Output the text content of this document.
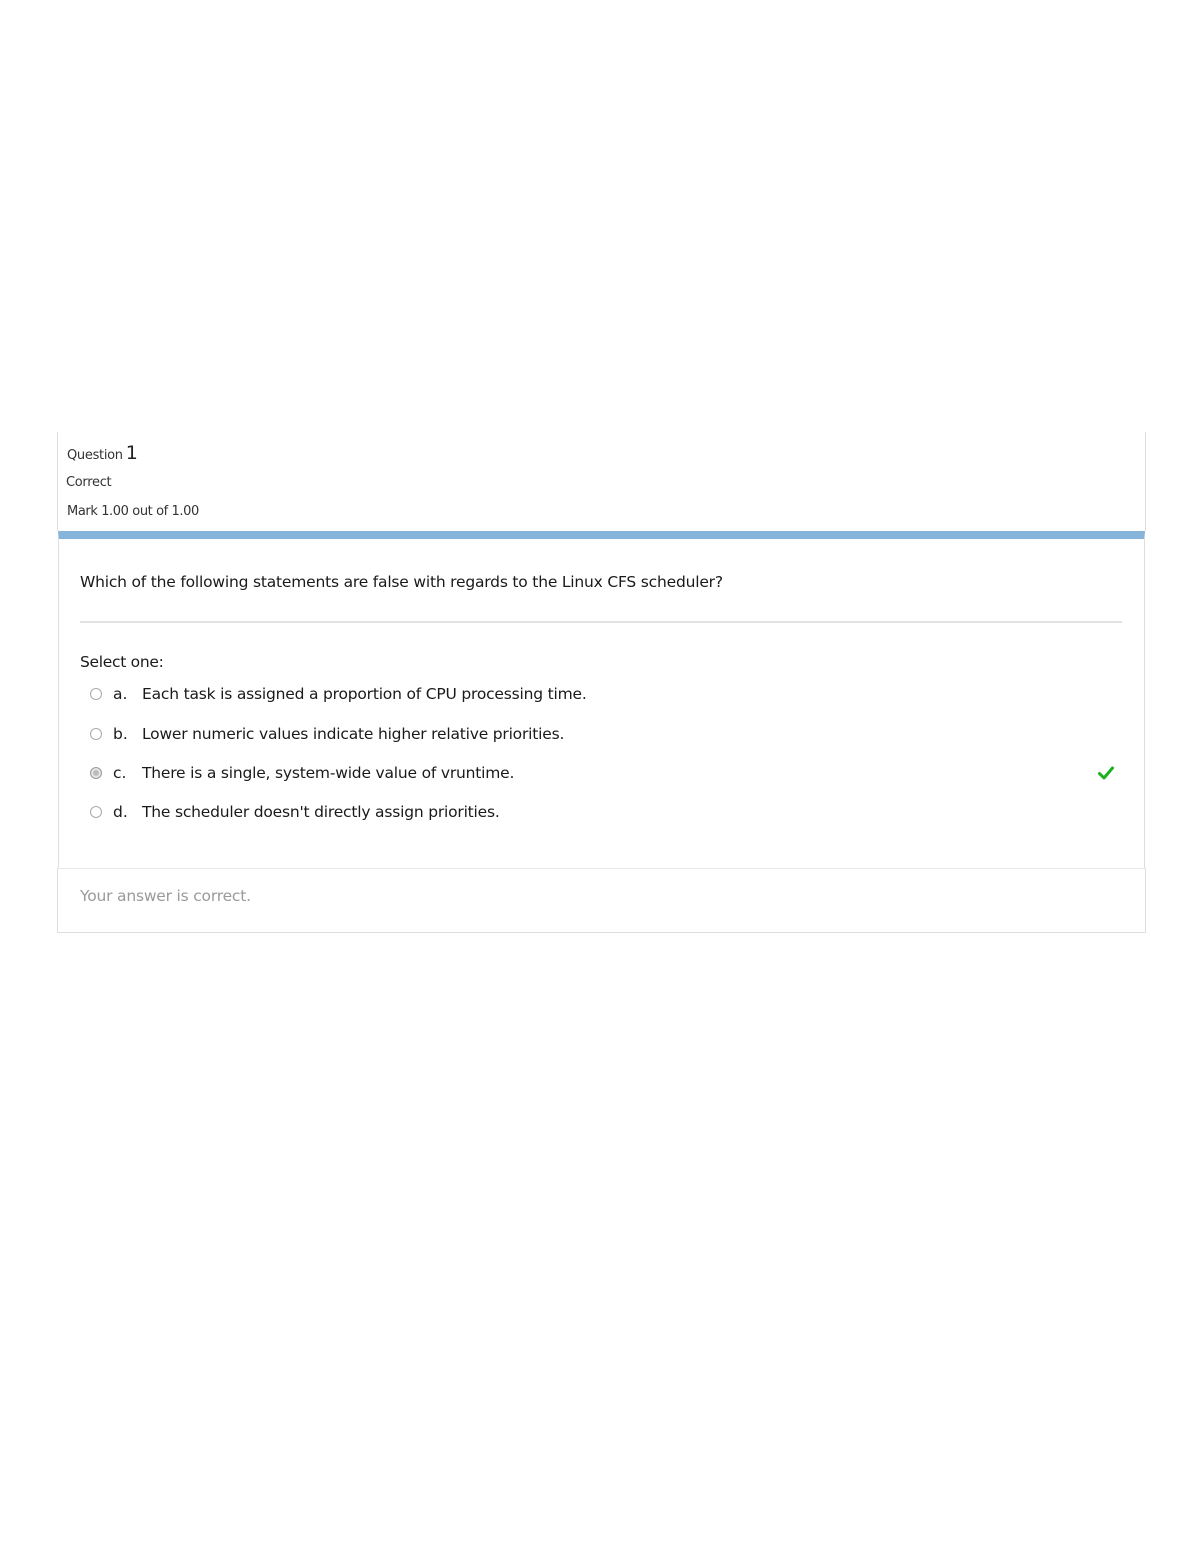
Question 1
Correct
Mark 1.00 out of 1.00
Which of the following statements are false with regards to the Linux CFS scheduler?
Select one:
a. Each task is assigned a proportion of CPU processing time.
b. Lower numeric values indicate higher relative priorities.
c. There is a single, system-wide value of vruntime.
d. The scheduler doesn't directly assign priorities.
Your answer is correct.
